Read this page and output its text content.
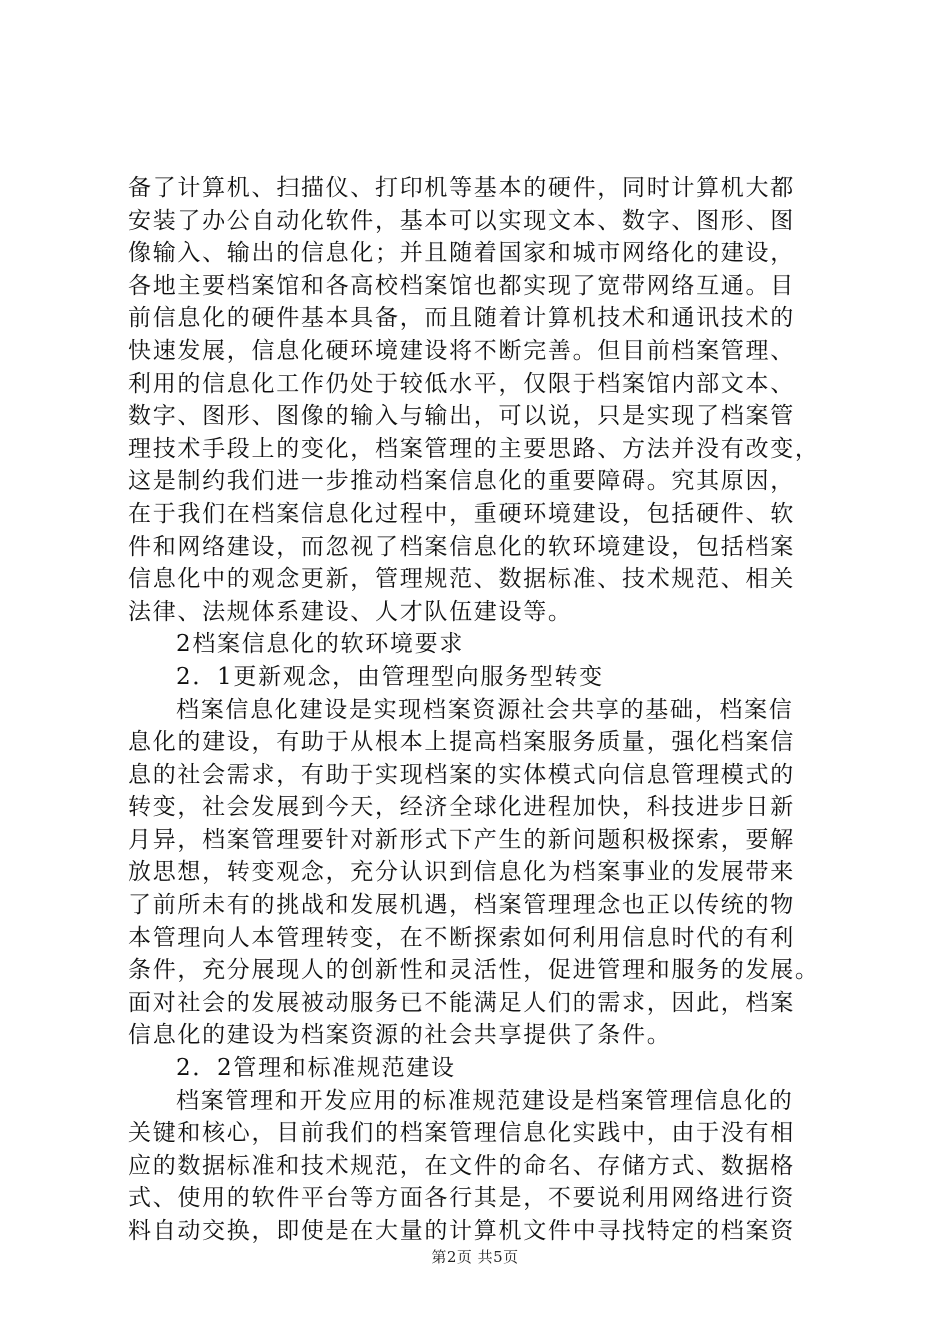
备了计算机、扫描仪、打印机等基本的硬件，同时计算机大都
安装了办公自动化软件，基本可以实现文本、数字、图形、图
像输入、输出的信息化；并且随着国家和城市网络化的建设，
各地主要档案馆和各高校档案馆也都实现了宽带网络互通。目
前信息化的硬件基本具备，而且随着计算机技术和通讯技术的
快速发展，信息化硬环境建设将不断完善。但目前档案管理、
利用的信息化工作仍处于较低水平，仅限于档案馆内部文本、
数字、图形、图像的输入与输出，可以说，只是实现了档案管
理技术手段上的变化，档案管理的主要思路、方法并没有改变，
这是制约我们进一步推动档案信息化的重要障碍。究其原因，
在于我们在档案信息化过程中，重硬环境建设，包括硬件、软
件和网络建设，而忽视了档案信息化的软环境建设，包括档案
信息化中的观念更新，管理规范、数据标准、技术规范、相关
法律、法规体系建设、人才队伍建设等。
2档案信息化的软环境要求
2．1更新观念，由管理型向服务型转变
档案信息化建设是实现档案资源社会共享的基础，档案信
息化的建设，有助于从根本上提高档案服务质量，强化档案信
息的社会需求，有助于实现档案的实体模式向信息管理模式的
转变，社会发展到今天，经济全球化进程加快，科技进步日新
月异，档案管理要针对新形式下产生的新问题积极探索，要解
放思想，转变观念，充分认识到信息化为档案事业的发展带来
了前所未有的挑战和发展机遇，档案管理理念也正以传统的物
本管理向人本管理转变，在不断探索如何利用信息时代的有利
条件，充分展现人的创新性和灵活性，促进管理和服务的发展。
面对社会的发展被动服务已不能满足人们的需求，因此，档案
信息化的建设为档案资源的社会共享提供了条件。
2．2管理和标准规范建设
档案管理和开发应用的标准规范建设是档案管理信息化的
关键和核心，目前我们的档案管理信息化实践中，由于没有相
应的数据标准和技术规范，在文件的命名、存储方式、数据格
式、使用的软件平台等方面各行其是，不要说利用网络进行资
料自动交换，即使是在大量的计算机文件中寻找特定的档案资
第2页 共5页
